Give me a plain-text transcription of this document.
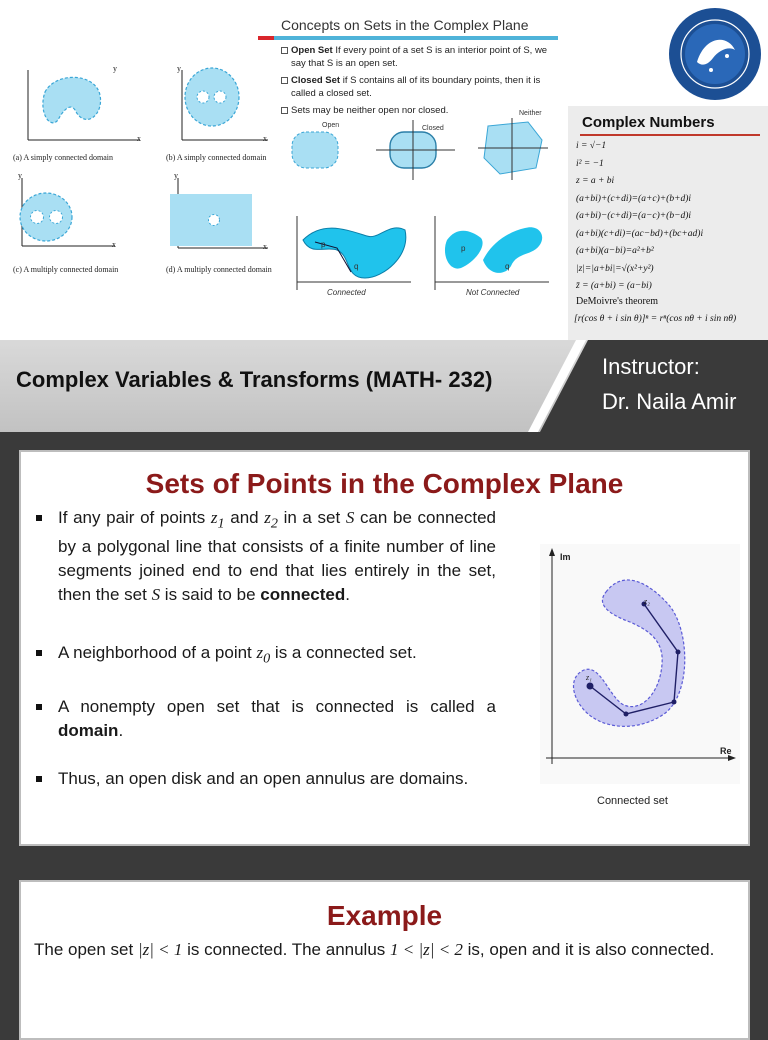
y
x
y
x
y
x
y
x
(a) A simply connected domain	(b) A simply connected domain
(c) A multiply connected domain	(d) A multiply connected domain
Concepts on Sets in the Complex Plane

Open Set If every point of a set S is an interior point of S, we say that S is an open set.

Closed Set if S contains all of its boundary points, then it is called a closed set.

Sets may be neither open nor closed.

Open	Closed
Neither
p
q
p
q
Connected	Not Connected
Complex Numbers
i = √−1
i² = −1
z = a + bi
(a+bi)+(c+di)=(a+c)+(b+d)i
(a+bi)−(c+di)=(a−c)+(b−d)i
(a+bi)(c+di)=(ac−bd)+(bc+ad)i
(a+bi)(a−bi)=a²+b²
|z|=|a+bi|=√(x²+y²)
z̄ = (a+bi) = (a−bi)
DeMoivre's theorem
[r(cos θ + i sin θ)]ⁿ = rⁿ(cos nθ + i sin nθ)
Complex Variables & Transforms (MATH- 232)
Instructor:
Dr. Naila Amir
Sets of Points in the Complex Plane
If any pair of points $z_1$ and $z_2$ in a set S can be connected by a polygonal line that consists of a finite number of line segments joined end to end that lies entirely in the set, then the set S is said to be connected.
A neighborhood of a point $z_0$ is a connected set.
A nonempty open set that is connected is called a domain.
Thus, an open disk and an open annulus are domains.
Im
Re
z₂
z₁
Connected set
Example
The open set |z| < 1 is connected. The annulus 1 < |z| < 2 is, open and it is also connected.
